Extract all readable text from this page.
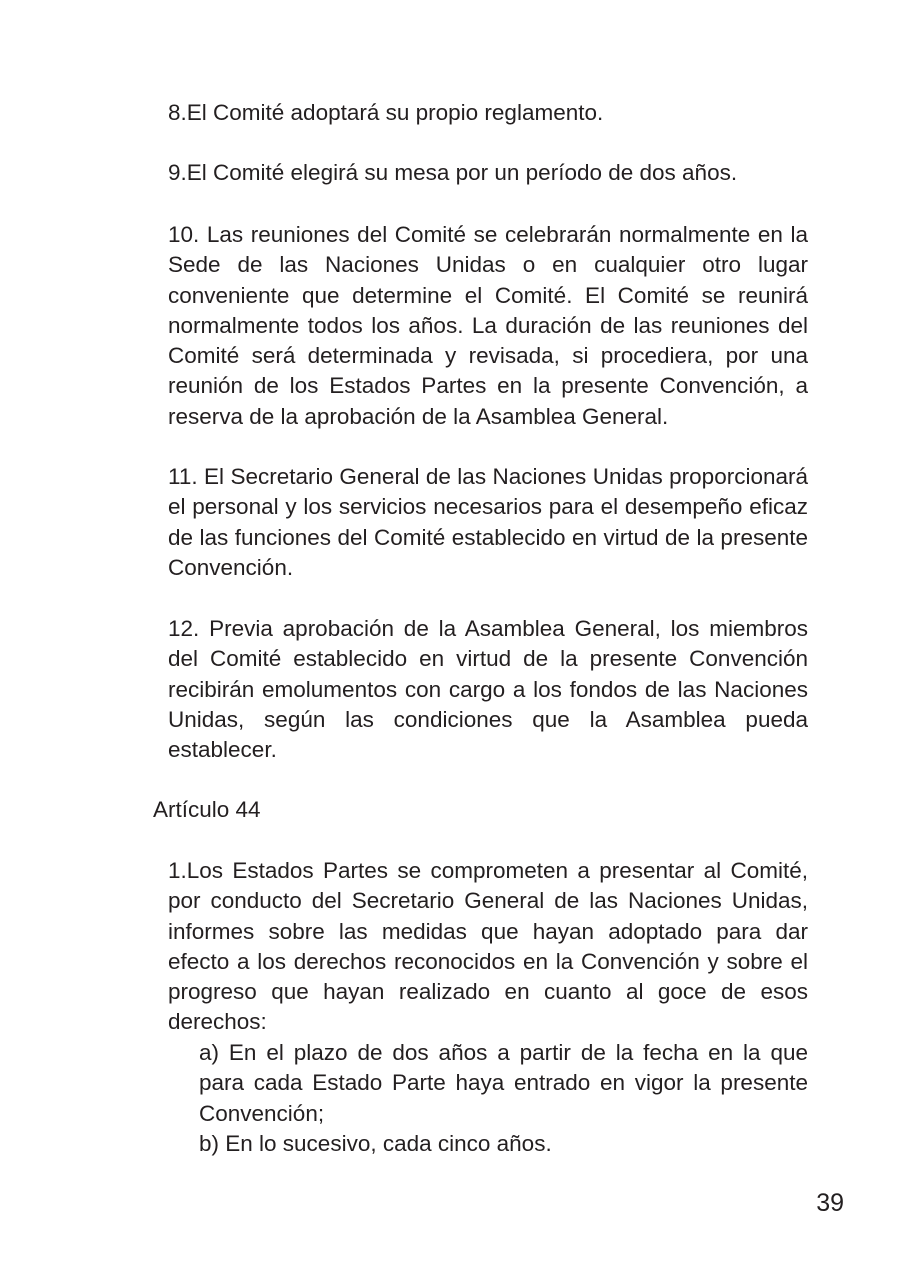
8.El Comité adoptará su propio reglamento.

9.El Comité elegirá su mesa por un período de dos años.

10. Las reuniones del Comité se celebrarán normalmente en la Sede de las Naciones Unidas o en cualquier otro lugar conveniente que determine el Comité. El Comité se reunirá normalmente todos los años. La duración de las reuniones del Comité será determinada y revisada, si procediera, por una reunión de los Estados Partes en la presente Convención, a reserva de la aprobación de la Asamblea General.

11. El Secretario General de las Naciones Unidas proporcionará el personal y los servicios necesarios para el desempeño eficaz de las funciones del Comité establecido en virtud de la presente Convención.

12. Previa aprobación de la Asamblea General, los miembros del Comité establecido en virtud de la presente Convención recibirán emolumentos con cargo a los fondos de las Naciones Unidas, según las condiciones que la Asamblea pueda establecer.

Artículo 44

1.Los Estados Partes se comprometen a presentar al Comité, por conducto del Secretario General de las Naciones Unidas, informes sobre las medidas que hayan adoptado para dar efecto a los derechos reconocidos en la Convención y sobre el progreso que hayan realizado en cuanto al goce de esos derechos:

a) En el plazo de dos años a partir de la fecha en la que para cada Estado Parte haya entrado en vigor la presente Convención;

b) En lo sucesivo, cada cinco años.

39
